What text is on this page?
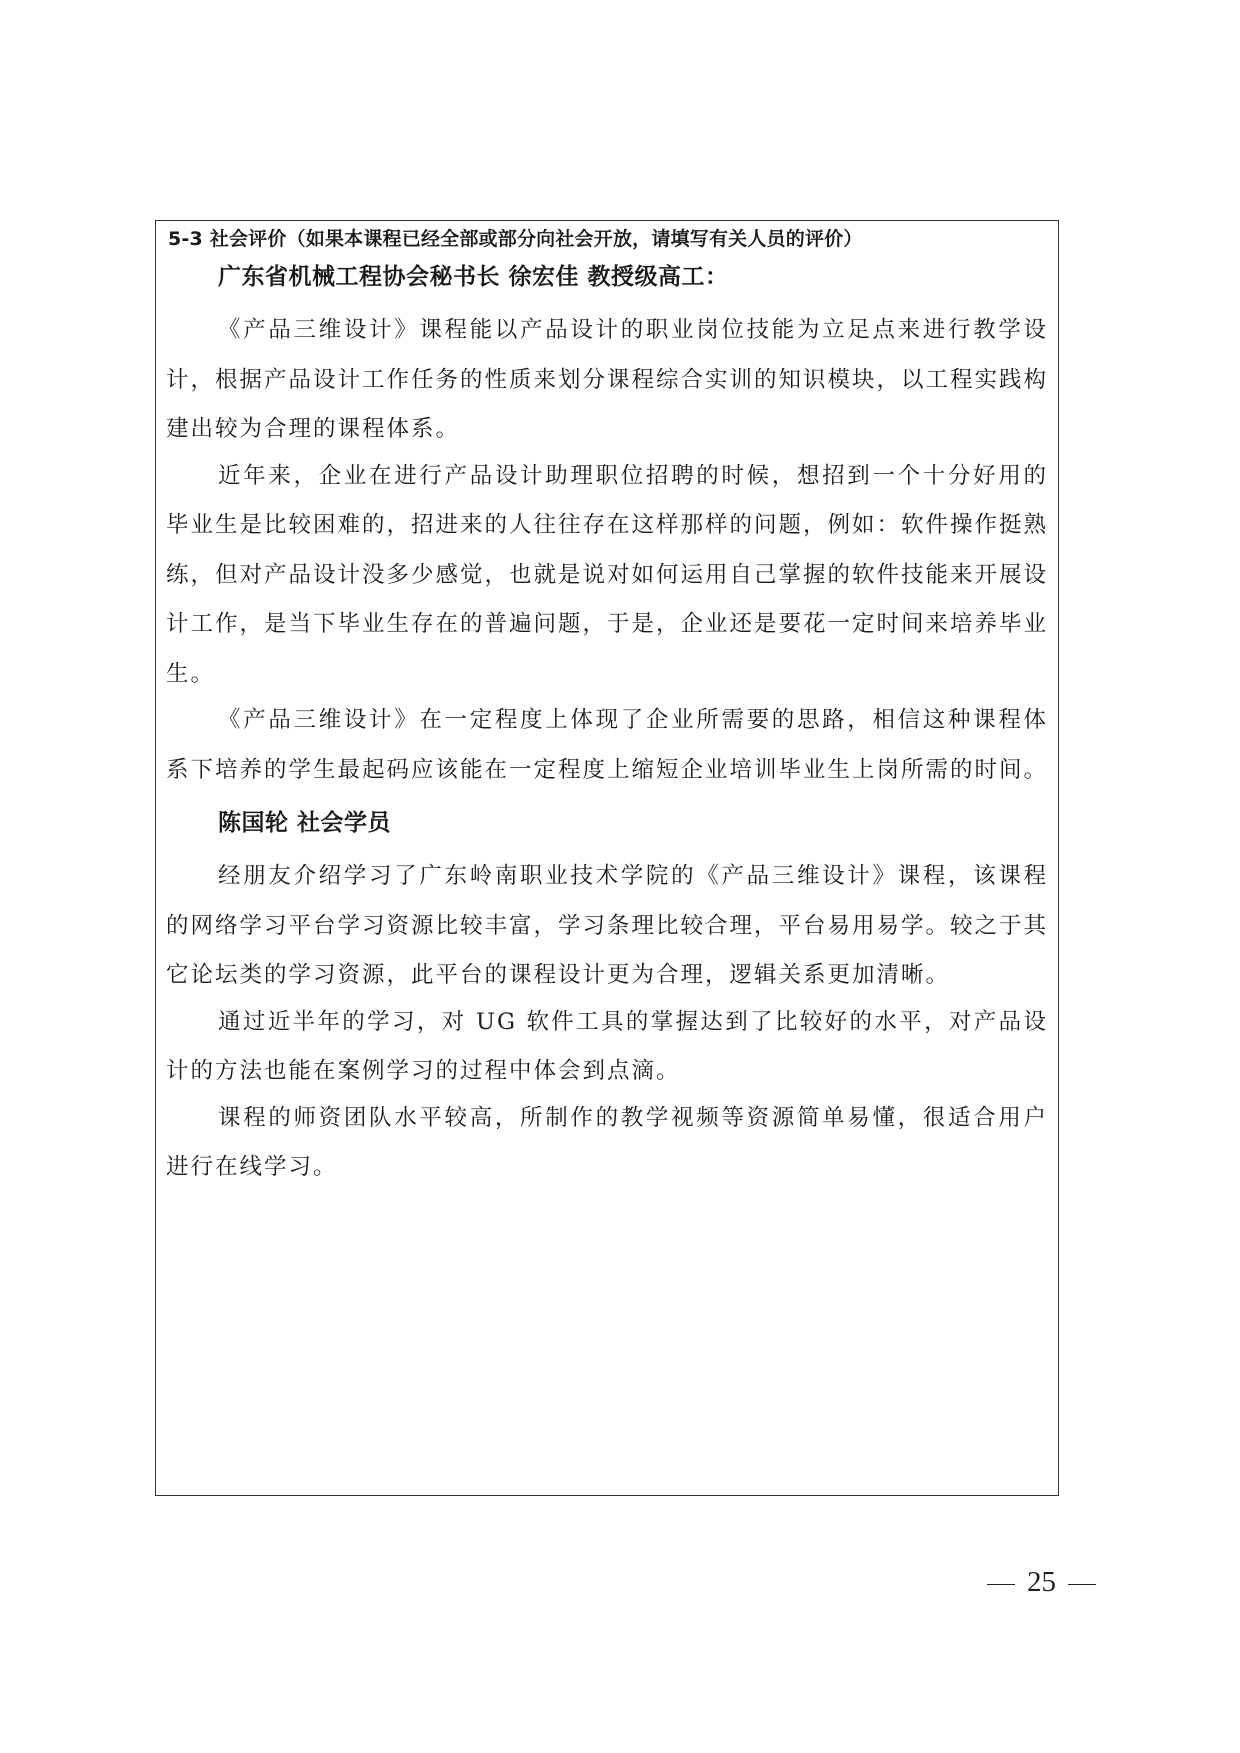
5-3 社会评价（如果本课程已经全部或部分向社会开放，请填写有关人员的评价）
广东省机械工程协会秘书长 徐宏佳 教授级高工：

《产品三维设计》课程能以产品设计的职业岗位技能为立足点来进行教学设计，根据产品设计工作任务的性质来划分课程综合实训的知识模块，以工程实践构建出较为合理的课程体系。

近年来，企业在进行产品设计助理职位招聘的时候，想招到一个十分好用的毕业生是比较困难的，招进来的人往往存在这样那样的问题，例如：软件操作挺熟练，但对产品设计没多少感觉，也就是说对如何运用自己掌握的软件技能来开展设计工作，是当下毕业生存在的普遍问题，于是，企业还是要花一定时间来培养毕业生。

《产品三维设计》在一定程度上体现了企业所需要的思路，相信这种课程体系下培养的学生最起码应该能在一定程度上缩短企业培训毕业生上岗所需的时间。

陈国轮 社会学员

经朋友介绍学习了广东岭南职业技术学院的《产品三维设计》课程，该课程的网络学习平台学习资源比较丰富，学习条理比较合理，平台易用易学。较之于其它论坛类的学习资源，此平台的课程设计更为合理，逻辑关系更加清晰。

通过近半年的学习，对 UG 软件工具的掌握达到了比较好的水平，对产品设计的方法也能在案例学习的过程中体会到点滴。

课程的师资团队水平较高，所制作的教学视频等资源简单易懂，很适合用户进行在线学习。

25
